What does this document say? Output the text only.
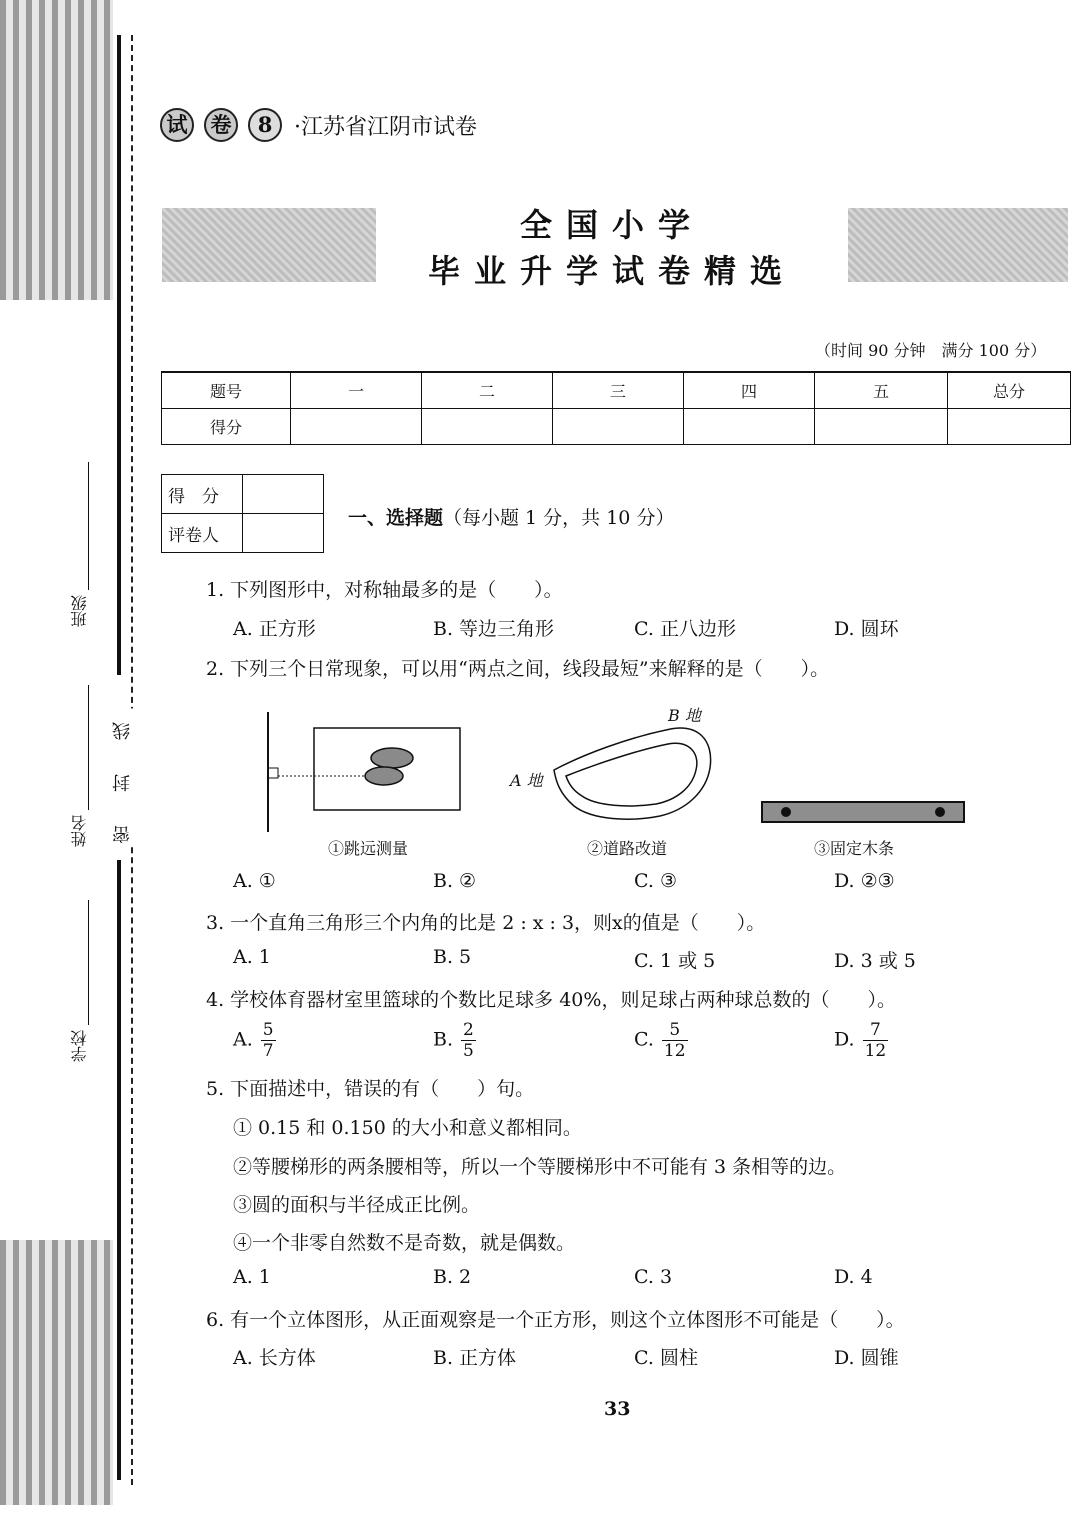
班级
姓名
学校
密 封 线
试	卷	8 ·江苏省江阴市试卷
全国小学
毕业升学试卷精选
（时间 90 分钟　满分 100 分）
题号	一	二	三	四	五	总分
得分						
得　分	
评卷人	
一、选择题（每小题 1 分，共 10 分）
1. 下列图形中，对称轴最多的是（　　）。
A. 正方形	B. 等边三角形	C. 正八边形	D. 圆环
2. 下列三个日常现象，可以用“两点之间，线段最短”来解释的是（　　）。
①跳远测量
A 地
B 地
②道路改道	③固定木条
A. ①	B. ②	C. ③	D. ②③
3. 一个直角三角形三个内角的比是 2 : x : 3，则x的值是（　　）。
A. 1	B. 5	C. 1 或 5	D. 3 或 5
4. 学校体育器材室里篮球的个数比足球多 40%，则足球占两种球总数的（　　）。
A. $\frac{5}{7}$	B. $\frac{2}{5}$	C. $\frac{5}{12}$	D. $\frac{7}{12}$
5. 下面描述中，错误的有（　　）句。
① 0.15 和 0.150 的大小和意义都相同。
②等腰梯形的两条腰相等，所以一个等腰梯形中不可能有 3 条相等的边。
③圆的面积与半径成正比例。
④一个非零自然数不是奇数，就是偶数。
A. 1	B. 2	C. 3	D. 4
6. 有一个立体图形，从正面观察是一个正方形，则这个立体图形不可能是（　　）。
A. 长方体	B. 正方体	C. 圆柱	D. 圆锥
33
